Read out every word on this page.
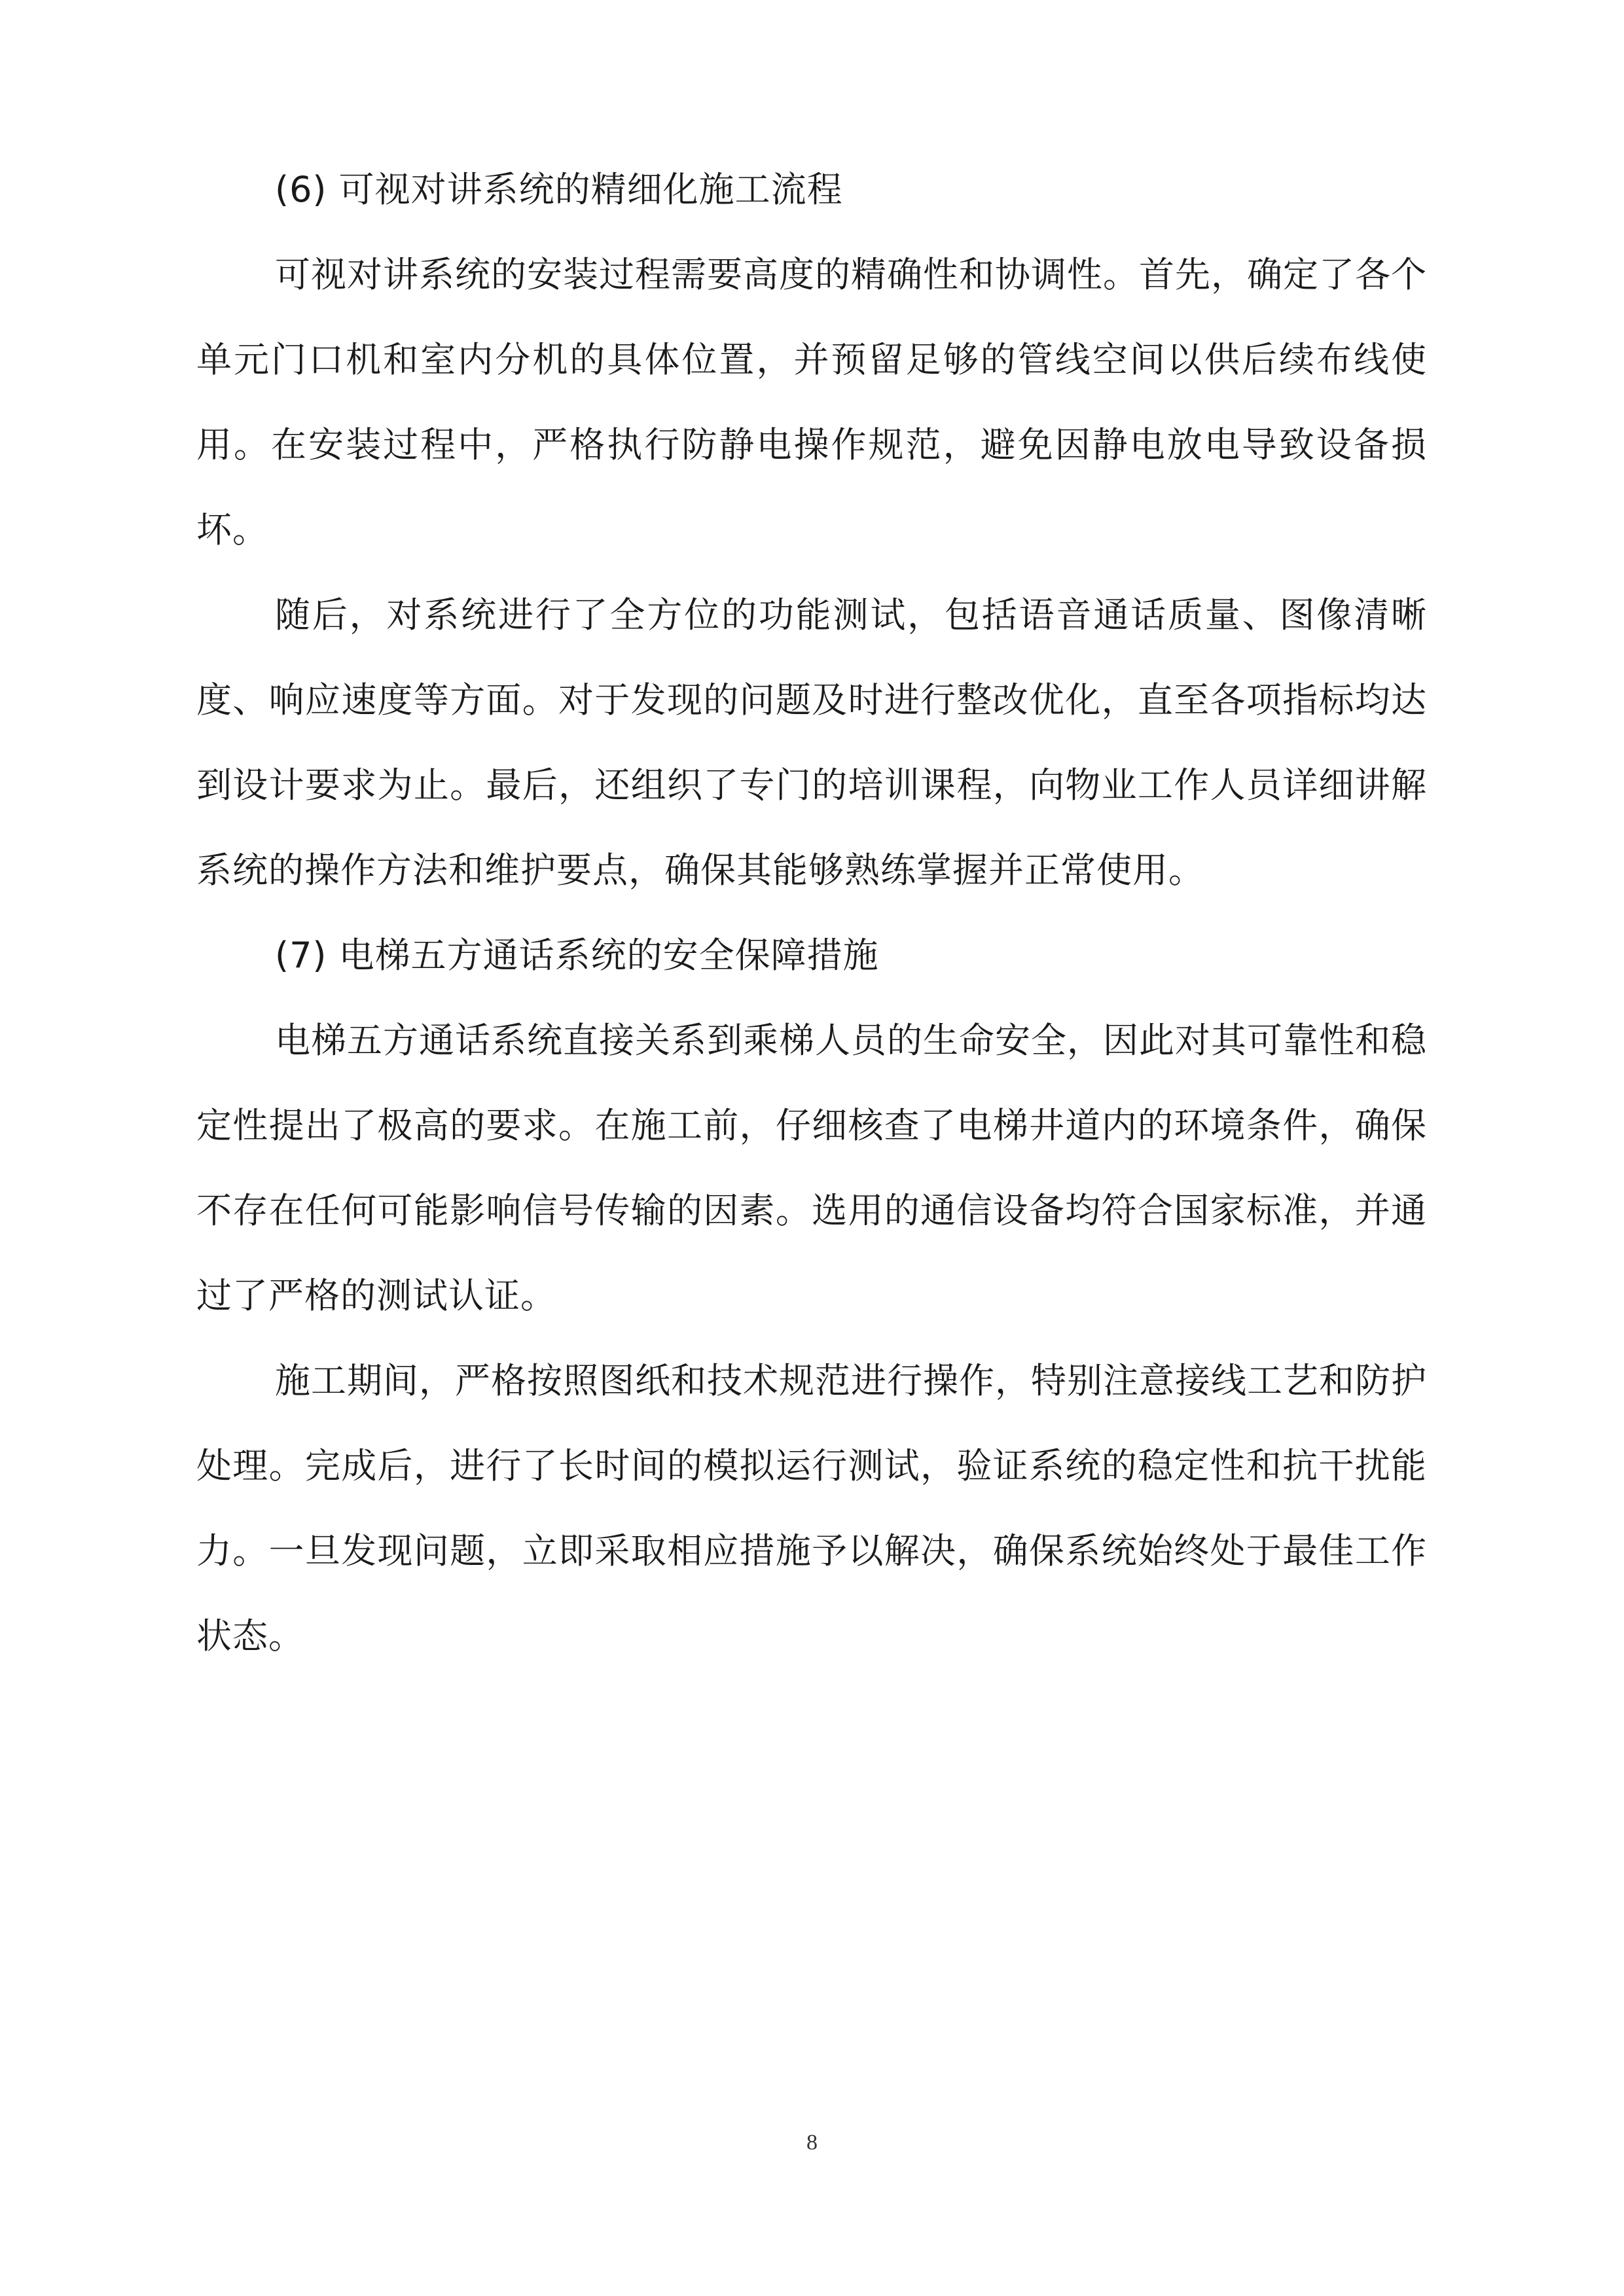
(6) 可视对讲系统的精细化施工流程

可视对讲系统的安装过程需要高度的精确性和协调性。首先，确定了各个单元门口机和室内分机的具体位置，并预留足够的管线空间以供后续布线使用。在安装过程中，严格执行防静电操作规范，避免因静电放电导致设备损坏。

随后，对系统进行了全方位的功能测试，包括语音通话质量、图像清晰度、响应速度等方面。对于发现的问题及时进行整改优化，直至各项指标均达到设计要求为止。最后，还组织了专门的培训课程，向物业工作人员详细讲解系统的操作方法和维护要点，确保其能够熟练掌握并正常使用。

(7) 电梯五方通话系统的安全保障措施

电梯五方通话系统直接关系到乘梯人员的生命安全，因此对其可靠性和稳定性提出了极高的要求。在施工前，仔细核查了电梯井道内的环境条件，确保不存在任何可能影响信号传输的因素。选用的通信设备均符合国家标准，并通过了严格的测试认证。

施工期间，严格按照图纸和技术规范进行操作，特别注意接线工艺和防护处理。完成后，进行了长时间的模拟运行测试，验证系统的稳定性和抗干扰能力。一旦发现问题，立即采取相应措施予以解决，确保系统始终处于最佳工作状态。

8
